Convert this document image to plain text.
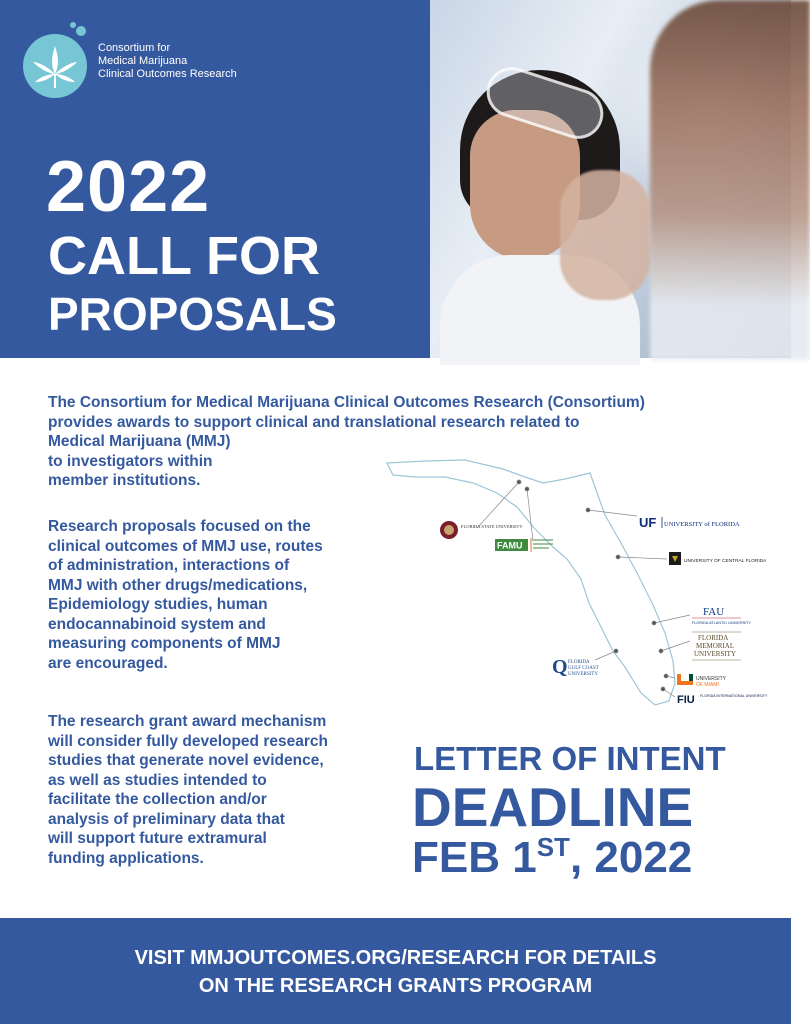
Consortium for
Medical Marijuana
Clinical Outcomes Research
2022
CALL FOR
PROPOSALS
The Consortium for Medical Marijuana Clinical Outcomes Research (Consortium)
provides awards to support clinical and translational research related to
Medical Marijuana (MMJ)
to investigators within
member institutions.
Research proposals focused on the
clinical outcomes of MMJ use, routes
of administration, interactions of
MMJ with other drugs/medications,
Epidemiology studies, human
endocannabinoid system and
measuring components of MMJ
are encouraged.
The research grant award mechanism
will consider fully developed research
studies that generate novel evidence,
as well as studies intended to
facilitate the collection and/or
analysis of preliminary data that
will support future extramural
funding applications.
FLORIDA STATE UNIVERSITY
FAMU
UF UNIVERSITY of FLORIDA
UNIVERSITY OF CENTRAL FLORIDA
FAU
FLORIDA ATLANTIC UNIVERSITY
FLORIDA
MEMORIAL
UNIVERSITY
Q FLORIDA
GULF COAST
UNIVERSITY
UNIVERSITY
OF MIAMI
FIU FLORIDA INTERNATIONAL UNIVERSITY
LETTER OF INTENT
DEADLINE
FEB 1ST, 2022
VISIT MMJOUTCOMES.ORG/RESEARCH FOR DETAILS
ON THE RESEARCH GRANTS PROGRAM
